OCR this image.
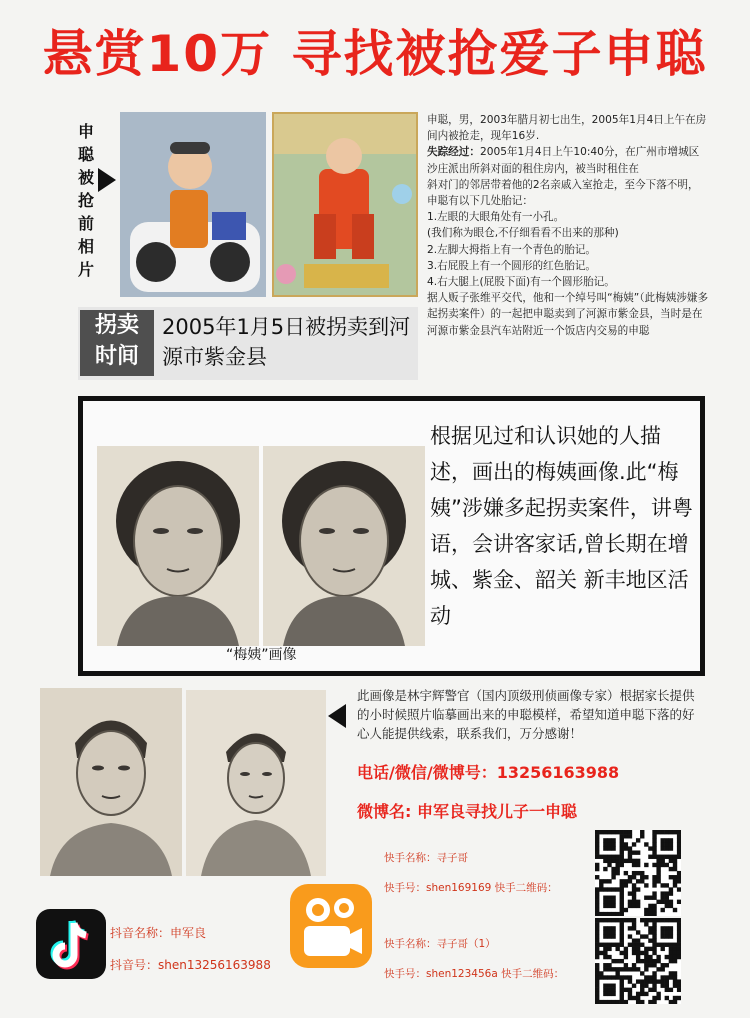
悬赏10万 寻找被抢爱子申聪
申
聪
被
抢
前
相
片

申聪，男，2003年腊月初七出生，2005年1月4日上午在房间内被抢走，现年16岁.

失踪经过：2005年1月4日上午10:40分，在广州市增城区沙庄派出所斜对面的租住房内，被当时租住在

斜对门的邻居带着他的2名亲戚入室抢走，至今下落不明，申聪有以下几处胎记：

1.左眼的大眼角处有一小孔。

(我们称为眼仓,不仔细看看不出来的那种)

2.左脚大拇指上有一个青色的胎记。

3.右屁股上有一个圆形的红色胎记。

4.右大腿上(屁股下面)有一个圆形胎记。

据人贩子张维平交代，他和一个绰号叫“梅姨”（此梅姨涉嫌多起拐卖案件）的一起把申聪卖到了河源市紫金县，当时是在河源市紫金县汽车站附近一个饭店内交易的申聪

拐卖
时间
2005年1月5日被拐卖到河源市紫金县
“梅姨”画像
根据见过和认识她的人描述，画出的梅姨画像.此“梅姨”涉嫌多起拐卖案件，讲粤语，会讲客家话,曾长期在增城、紫金、韶关 新丰地区活动
此画像是林宇辉警官（国内顶级刑侦画像专家）根据家长提供的小时候照片临摹画出来的申聪模样，希望知道申聪下落的好心人能提供线索，联系我们，万分感谢！
电话/微信/微博号：13256163988
微博名: 申军良寻找儿子一申聪
快手名称：寻子哥
快手号：shen169169 快手二维码：
快手名称：寻子哥（1）
快手号：shen123456a 快手二维码：
抖音名称：申军良
抖音号：shen13256163988
